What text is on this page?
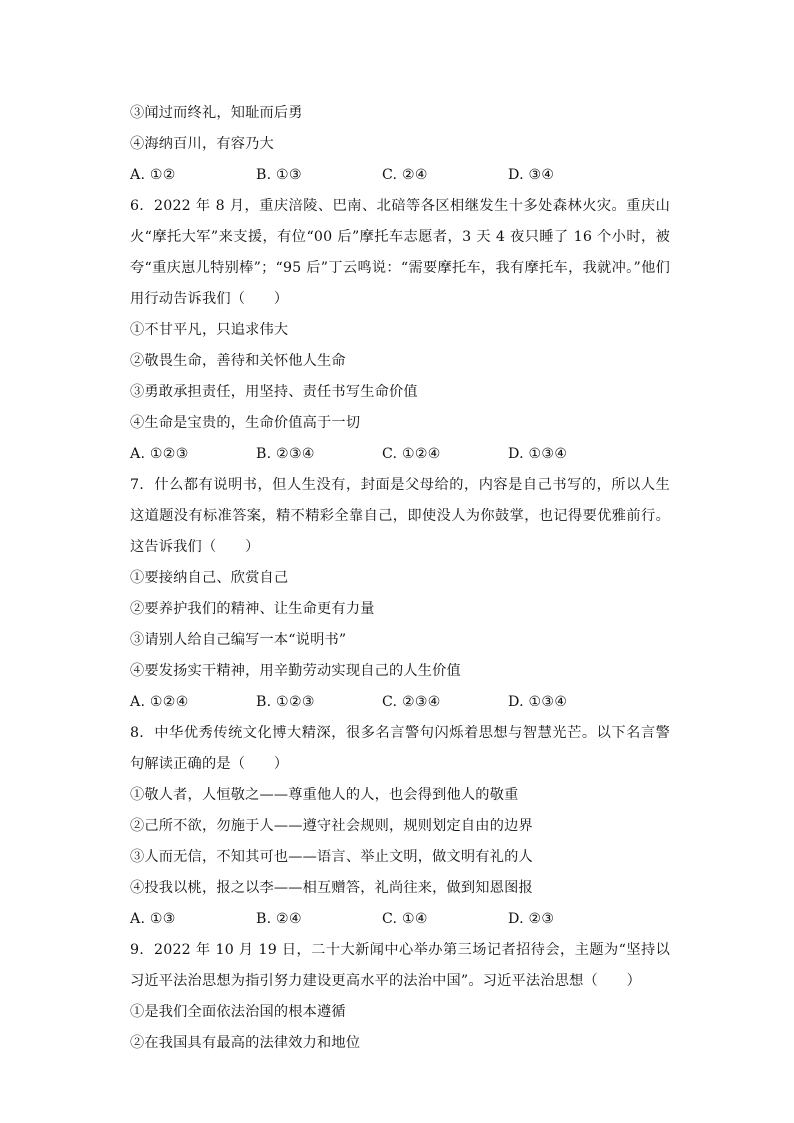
③闻过而终礼，知耻而后勇
④海纳百川，有容乃大
A. ①②	B. ①③	C. ②④	D. ③④
6. 2022 年 8 月，重庆涪陵、巴南、北碚等各区相继发生十多处森林火灾。重庆山火“摩托大军”来支援，有位“00 后”摩托车志愿者，3 天 4 夜只睡了 16 个小时，被夸“重庆崽儿特别棒”；“95 后”丁云鸣说：“需要摩托车，我有摩托车，我就冲。”他们用行动告诉我们（　　）
①不甘平凡，只追求伟大
②敬畏生命，善待和关怀他人生命
③勇敢承担责任，用坚持、责任书写生命价值
④生命是宝贵的，生命价值高于一切
A. ①②③	B. ②③④	C. ①②④	D. ①③④
7. 什么都有说明书，但人生没有，封面是父母给的，内容是自己书写的，所以人生这道题没有标准答案，精不精彩全靠自己，即使没人为你鼓掌，也记得要优雅前行。这告诉我们（　　）
①要接纳自己、欣赏自己
②要养护我们的精神、让生命更有力量
③请别人给自己编写一本“说明书”
④要发扬实干精神，用辛勤劳动实现自己的人生价值
A. ①②④	B. ①②③	C. ②③④	D. ①③④
8. 中华优秀传统文化博大精深，很多名言警句闪烁着思想与智慧光芒。以下名言警句解读正确的是（　　）
①敬人者，人恒敬之——尊重他人的人，也会得到他人的敬重
②己所不欲，勿施于人——遵守社会规则，规则划定自由的边界
③人而无信，不知其可也——语言、举止文明，做文明有礼的人
④投我以桃，报之以李——相互赠答，礼尚往来，做到知恩图报
A. ①③	B. ②④	C. ①④	D. ②③
9. 2022 年 10 月 19 日，二十大新闻中心举办第三场记者招待会，主题为“坚持以习近平法治思想为指引努力建设更高水平的法治中国”。习近平法治思想（　　）
①是我们全面依法治国的根本遵循
②在我国具有最高的法律效力和地位
